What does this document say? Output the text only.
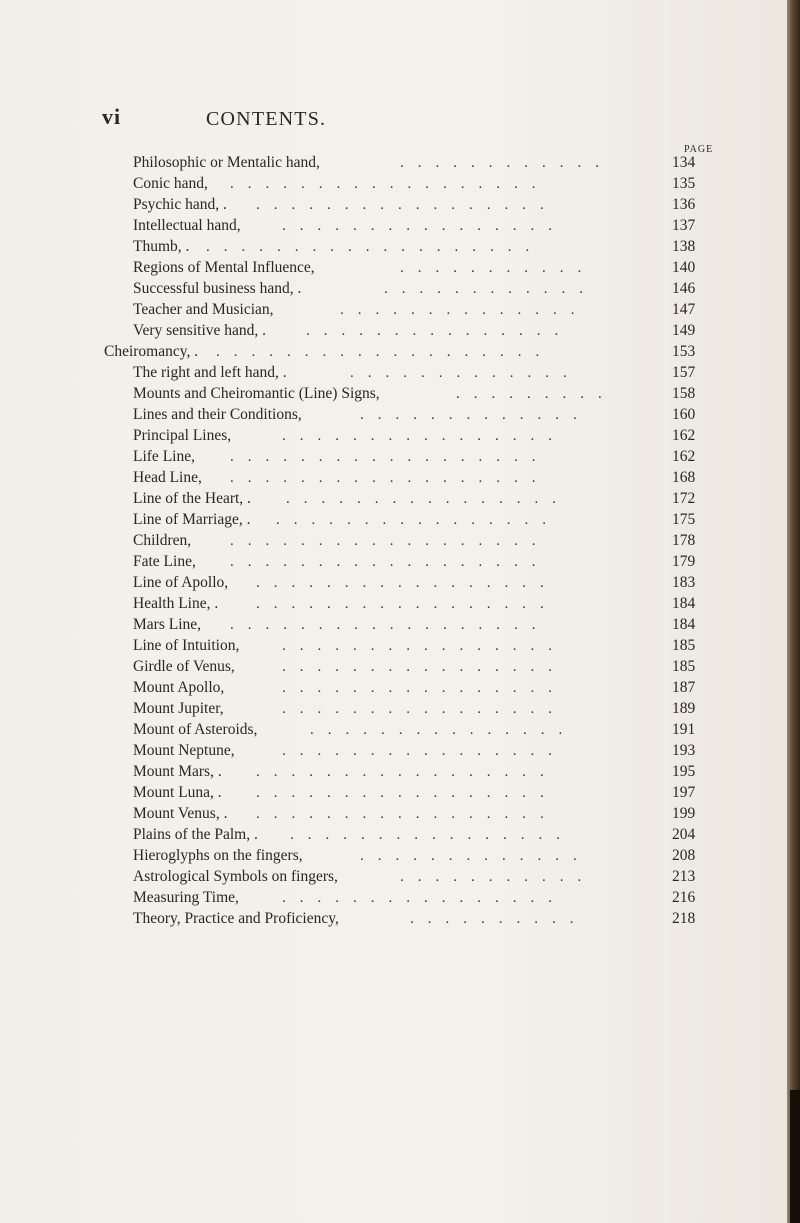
vi	CONTENTS.
PAGE
Philosophic or Mentalic hand,	............	134
Conic hand, ..................	135
Psychic hand, . .................	136
Intellectual hand,	................	137
Thumb, . ...................	138
Regions of Mental Influence,	...........	140
Successful business hand, .	............	146
Teacher and Musician,	..............	147
Very sensitive hand, .	...............	149
Cheiromancy, . ...................	153
The right and left hand, .	.............	157
Mounts and Cheiromantic (Line) Signs,	.........	158
Lines and their Conditions,	.............	160
Principal Lines,	................	162
Life Line, ..................	162
Head Line, ..................	168
Line of the Heart, . ................	172
Line of Marriage, . ................	175
Children,	..................	178
Fate Line, ..................	179
Line of Apollo, .................	183
Health Line, .	.................	184
Mars Line, ..................	184
Line of Intuition,	................	185
Girdle of Venus,	................	185
Mount Apollo,	................	187
Mount Jupiter,	................	189
Mount of Asteroids,	...............	191
Mount Neptune,	................	193
Mount Mars, . .................	195
Mount Luna, . .................	197
Mount Venus, . .................	199
Plains of the Palm, . ................	204
Hieroglyphs on the fingers,	.............	208
Astrological Symbols on fingers,	...........	213
Measuring Time,	................	216
Theory, Practice and Proficiency,	..........	218
